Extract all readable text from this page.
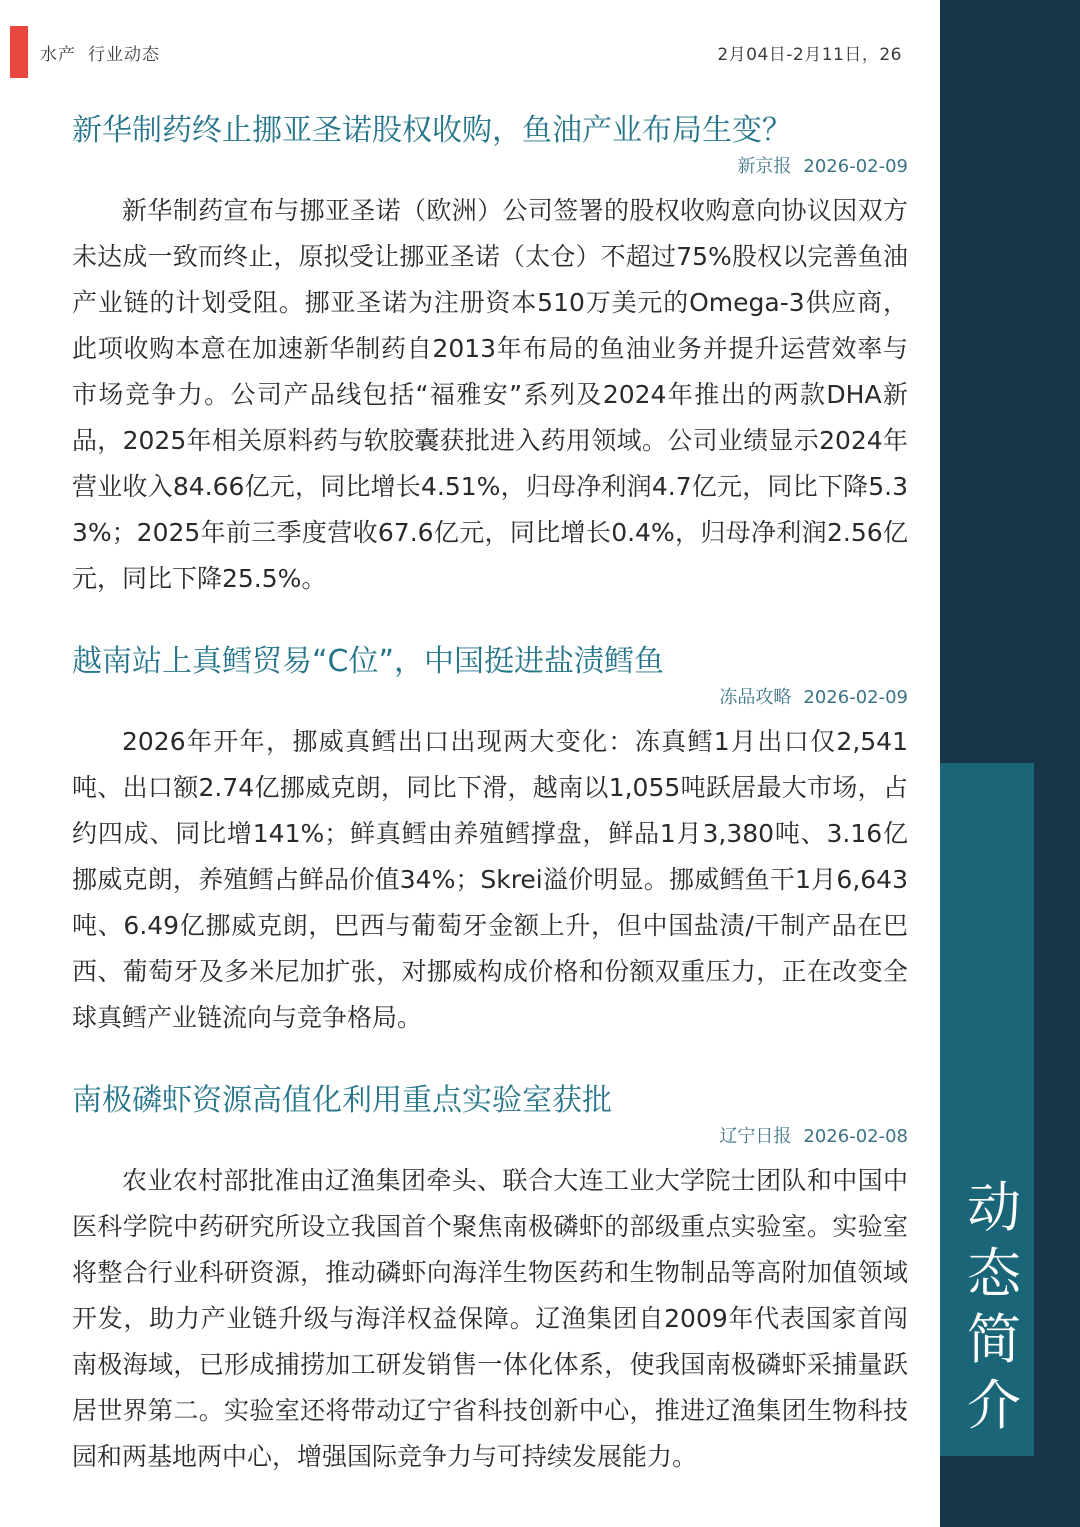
水产 行业动态	2月04日-2月11日，26
动
态
简
介
新华制药终止挪亚圣诺股权收购，鱼油产业布局生变？
新京报 2026-02-09

新华制药宣布与挪亚圣诺（欧洲）公司签署的股权收购意向协议因双方未达成一致而终止，原拟受让挪亚圣诺（太仓）不超过75%股权以完善鱼油产业链的计划受阻。挪亚圣诺为注册资本510万美元的Omega-3供应商，此项收购本意在加速新华制药自2013年布局的鱼油业务并提升运营效率与市场竞争力。公司产品线包括“福雅安”系列及2024年推出的两款DHA新品，2025年相关原料药与软胶囊获批进入药用领域。公司业绩显示2024年营业收入84.66亿元，同比增长4.51%，归母净利润4.7亿元，同比下降5.33%；2025年前三季度营收67.6亿元，同比增长0.4%，归母净利润2.56亿元，同比下降25.5%。

越南站上真鳕贸易“C位”，中国挺进盐渍鳕鱼
冻品攻略 2026-02-09

2026年开年，挪威真鳕出口出现两大变化：冻真鳕1月出口仅2,541吨、出口额2.74亿挪威克朗，同比下滑，越南以1,055吨跃居最大市场，占约四成、同比增141%；鲜真鳕由养殖鳕撑盘，鲜品1月3,380吨、3.16亿挪威克朗，养殖鳕占鲜品价值34%；Skrei溢价明显。挪威鳕鱼干1月6,643吨、6.49亿挪威克朗，巴西与葡萄牙金额上升，但中国盐渍/干制产品在巴西、葡萄牙及多米尼加扩张，对挪威构成价格和份额双重压力，正在改变全球真鳕产业链流向与竞争格局。

南极磷虾资源高值化利用重点实验室获批
辽宁日报 2026-02-08

农业农村部批准由辽渔集团牵头、联合大连工业大学院士团队和中国中医科学院中药研究所设立我国首个聚焦南极磷虾的部级重点实验室。实验室将整合行业科研资源，推动磷虾向海洋生物医药和生物制品等高附加值领域开发，助力产业链升级与海洋权益保障。辽渔集团自2009年代表国家首闯南极海域，已形成捕捞加工研发销售一体化体系，使我国南极磷虾采捕量跃居世界第二。实验室还将带动辽宁省科技创新中心，推进辽渔集团生物科技园和两基地两中心，增强国际竞争力与可持续发展能力。
